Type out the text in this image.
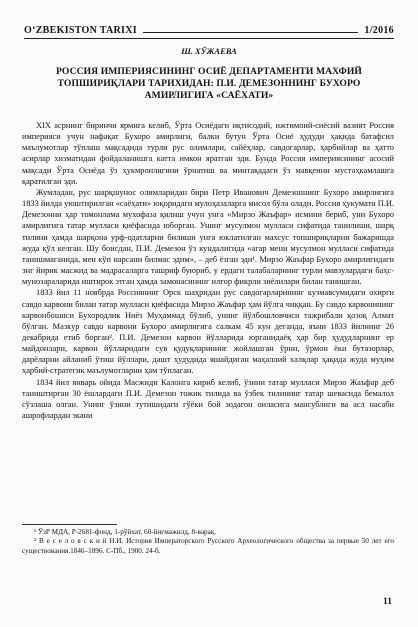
O‘ZBEKISTON TARIXI	1/2016
Ш. ХЎЖАЕВА
РОССИЯ ИМПЕРИЯСИНИНГ ОСИЁ ДЕПАРТАМЕНТИ МАХФИЙ ТОПШИРИҚЛАРИ ТАРИХИДАН: П.И. ДЕМЕЗОННИНГ БУХОРО АМИРЛИГИГА «САЁХАТИ»

XIX асрнинг биринчи ярмига келиб, Ўрта Осиёдаги иқтисодий, ижтимоий-сиёсий вазият Россия империяси учун нафақат Бухоро амирлиги, балки бутун Ўрта Осиё ҳудуди ҳақида батафсил маълумотлар тўплаш мақсадида турли рус олимлари, сайёҳлар, савдогарлар, ҳарбийлар ва ҳатто асирлар хизматидан фойдаланишга катта имкон яратган эди. Бунда Россия империясининг асосий мақсади Ўрта Осиёда ўз ҳукмронлигини ўрнатиш ва минтақадаги ўз мавқеини мустаҳкамлашга қаратилган эди.

Жумладан, рус шарқшунос олимларидан бири Петр Иванович Демезоннинг Бухоро амирлигига 1833 йилда уюштирилган «саёҳати» юқоридаги мулоҳазаларга мисол бўла олади. Россия ҳукумати П.И. Демезонни ҳар томонлама мухофаза қилиш учун унга «Мирзо Жаъфар» исмини бериб, уни Бухоро амирлигига татар мулласи қиёфасида юборган. Унинг мусулмон мулласи сифатида танилиши, шарқ тилини ҳамда шарқона урф-одатларни билиши унга юклатилган махсус топшириқларни бажаришда жуда қўл келган. Шу боисдан, П.И. Демезон ўз кундалигида «агар мени мусулмон мулласи сифатида танишмаганида, мен кўп нарсани билмас эдим», – деб ёзган эди¹. Мирзо Жаъфар Бухоро амирлигидаги энг йирик масжид ва мадрасаларга ташриф буюриб, у ердаги талабаларнинг турли мавзулардаги баҳс-мунозараларида иштирок этган ҳамда замонасининг илғор фикрли зиёлилари билан танишган.

1833 йил 11 ноябрда Россиянинг Орск шаҳридан рус савдогарларининг кузмавсумидаги охирги савдо карвони билан татар мулласи қиёфасида Мирзо Жаъфар ҳам йўлга чиққан. Бу савдо карвонининг карвонбошиси Бухородлик Ниёз Муҳаммад бўлиб, унинг йўлбошловчиси тажрибали қозоқ Алмат бўлган. Мазкур савдо карвони Бухоро амирлигига салкам 45 кун деганда, яъни 1833 йилнинг 26 декабрида етиб борган². П.И. Демезон карвон йўлларида юрганидаёқ ҳар бир ҳудудларнинг ер майдонлари, карвон йўлларидаги сув қудуқларининг жойлашган ўрни, ўрмон ёки бутазорлар, дарёларни айланиб ўтиш йўллари, дашт ҳудудида яшайдиган маҳаллий халқлар ҳақида жуда муҳим ҳарбий-стратегик маълумотларни ҳам тўплаган.

1834 йил январь ойида Масжиди Калонга кириб келиб, ўзини татар мулласи Мирзо Жаъфар деб таништирган 30 ёшлардаги П.И. Демезон тожик тилида ва ўзбек тилининг татар шевасида бемалол сўзлаша олган. Унинг ўзини тутишидаги гўёки бой зодагон оиласига мансублиги ва асл насаби ашрофлардан экани

¹ ЎзР МДА, Р-2681-фонд, 1-рўйхат, 60-йиғмажилд, 8-варақ.

² В е с е л о в с к и й Н.И. История Императорского Русского Археологического общества за первые 50 лет его существования.1846–1896. С-Пб., 1900. 24-б.

11
